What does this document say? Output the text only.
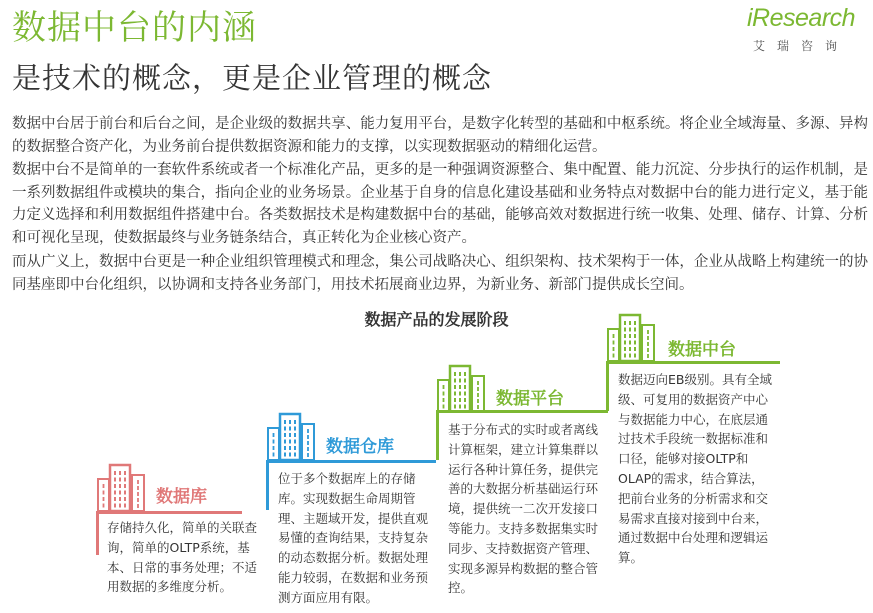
数据中台的内涵
是技术的概念，更是企业管理的概念
iResearch
艾瑞咨询
数据中台居于前台和后台之间，是企业级的数据共享、能力复用平台，是数字化转型的基础和中枢系统。将企业全域海量、多源、异构的数据整合资产化，为业务前台提供数据资源和能力的支撑，以实现数据驱动的精细化运营。
数据中台不是简单的一套软件系统或者一个标准化产品，更多的是一种强调资源整合、集中配置、能力沉淀、分步执行的运作机制，是一系列数据组件或模块的集合，指向企业的业务场景。企业基于自身的信息化建设基础和业务特点对数据中台的能力进行定义，基于能力定义选择和利用数据组件搭建中台。各类数据技术是构建数据中台的基础，能够高效对数据进行统一收集、处理、储存、计算、分析和可视化呈现，使数据最终与业务链条结合，真正转化为企业核心资产。
而从广义上，数据中台更是一种企业组织管理模式和理念，集公司战略决心、组织架构、技术架构于一体，企业从战略上构建统一的协同基座即中台化组织，以协调和支持各业务部门，用技术拓展商业边界，为新业务、新部门提供成长空间。
数据产品的发展阶段
数据库
存储持久化，简单的关联查询，简单的OLTP系统，基本、日常的事务处理；不适用数据的多维度分析。
数据仓库
位于多个数据库上的存储库。实现数据生命周期管理、主题域开发，提供直观易懂的查询结果，支持复杂的动态数据分析。数据处理能力较弱，在数据和业务预测方面应用有限。
数据平台
基于分布式的实时或者离线计算框架，建立计算集群以运行各种计算任务，提供完善的大数据分析基础运行环境，提供统一二次开发接口等能力。支持多数据集实时同步、支持数据资产管理、实现多源异构数据的整合管控。
数据中台
数据迈向EB级别。具有全域级、可复用的数据资产中心与数据能力中心，在底层通过技术手段统一数据标准和口径，能够对接OLTP和OLAP的需求，结合算法，把前台业务的分析需求和交易需求直接对接到中台来，通过数据中台处理和逻辑运算。
